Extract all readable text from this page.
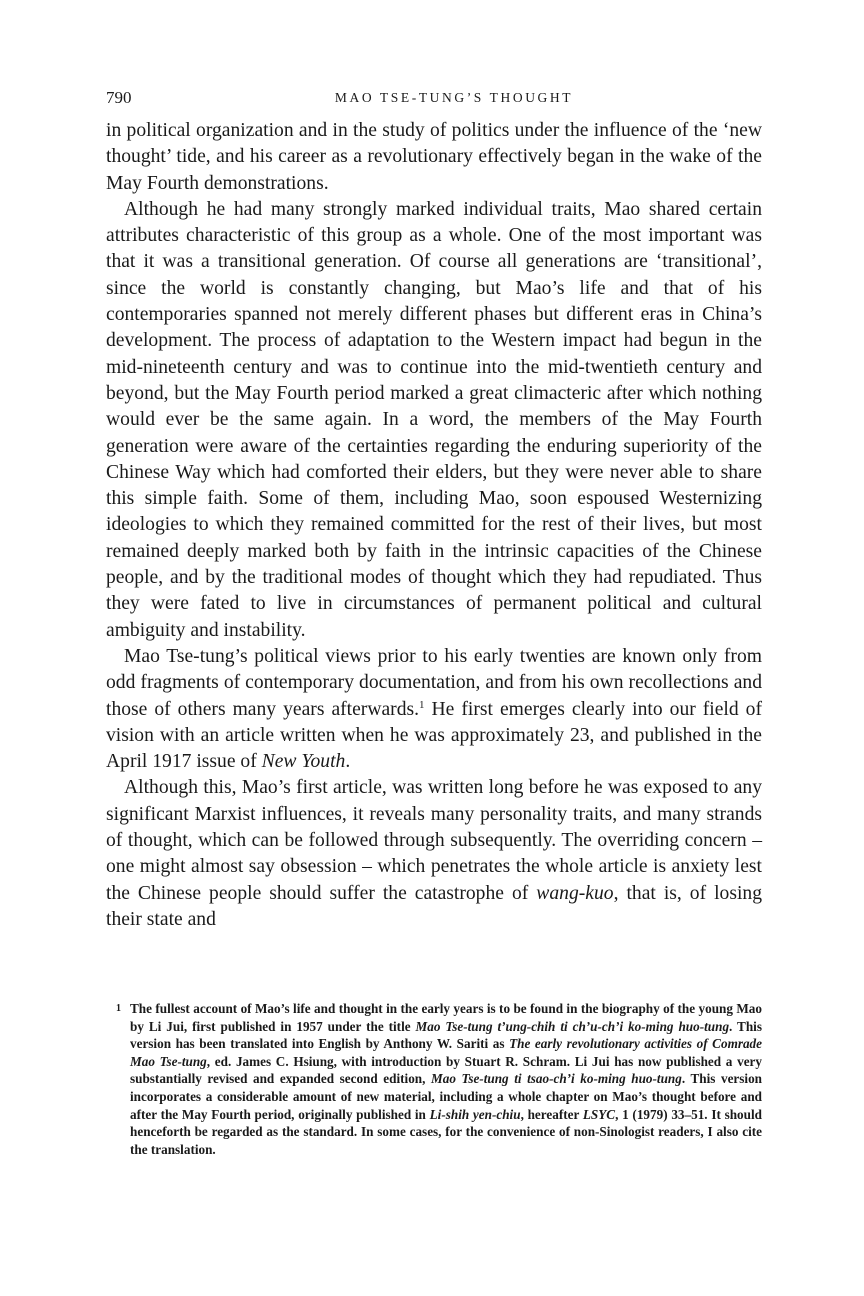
790	MAO TSE-TUNG’S THOUGHT

in political organization and in the study of politics under the influence of the ‘new thought’ tide, and his career as a revolutionary effectively began in the wake of the May Fourth demonstrations.

Although he had many strongly marked individual traits, Mao shared certain attributes characteristic of this group as a whole. One of the most important was that it was a transitional generation. Of course all generations are ‘transitional’, since the world is constantly changing, but Mao’s life and that of his contemporaries spanned not merely different phases but different eras in China’s development. The process of adaptation to the Western impact had begun in the mid-nineteenth century and was to continue into the mid-twentieth century and beyond, but the May Fourth period marked a great climacteric after which nothing would ever be the same again. In a word, the members of the May Fourth generation were aware of the certainties regarding the enduring superiority of the Chinese Way which had comforted their elders, but they were never able to share this simple faith. Some of them, including Mao, soon espoused Westernizing ideologies to which they remained committed for the rest of their lives, but most remained deeply marked both by faith in the intrinsic capacities of the Chinese people, and by the traditional modes of thought which they had repudiated. Thus they were fated to live in circumstances of permanent political and cultural ambiguity and instability.

Mao Tse-tung’s political views prior to his early twenties are known only from odd fragments of contemporary documentation, and from his own recollections and those of others many years afterwards.$^1$ He first emerges clearly into our field of vision with an article written when he was approximately 23, and published in the April 1917 issue of New Youth.

Although this, Mao’s first article, was written long before he was exposed to any significant Marxist influences, it reveals many personality traits, and many strands of thought, which can be followed through subsequently. The overriding concern – one might almost say obsession – which penetrates the whole article is anxiety lest the Chinese people should suffer the catastrophe of wang-kuo, that is, of losing their state and

1 The fullest account of Mao’s life and thought in the early years is to be found in the biography of the young Mao by Li Jui, first published in 1957 under the title Mao Tse-tung t’ung-chih ti ch’u-ch’i ko-ming huo-tung. This version has been translated into English by Anthony W. Sariti as The early revolutionary activities of Comrade Mao Tse-tung, ed. James C. Hsiung, with introduction by Stuart R. Schram. Li Jui has now published a very substantially revised and expanded second edition, Mao Tse-tung ti tsao-ch’i ko-ming huo-tung. This version incorporates a considerable amount of new material, including a whole chapter on Mao’s thought before and after the May Fourth period, originally published in Li-shih yen-chiu, hereafter LSYC, 1 (1979) 33–51. It should henceforth be regarded as the standard. In some cases, for the convenience of non-Sinologist readers, I also cite the translation.
